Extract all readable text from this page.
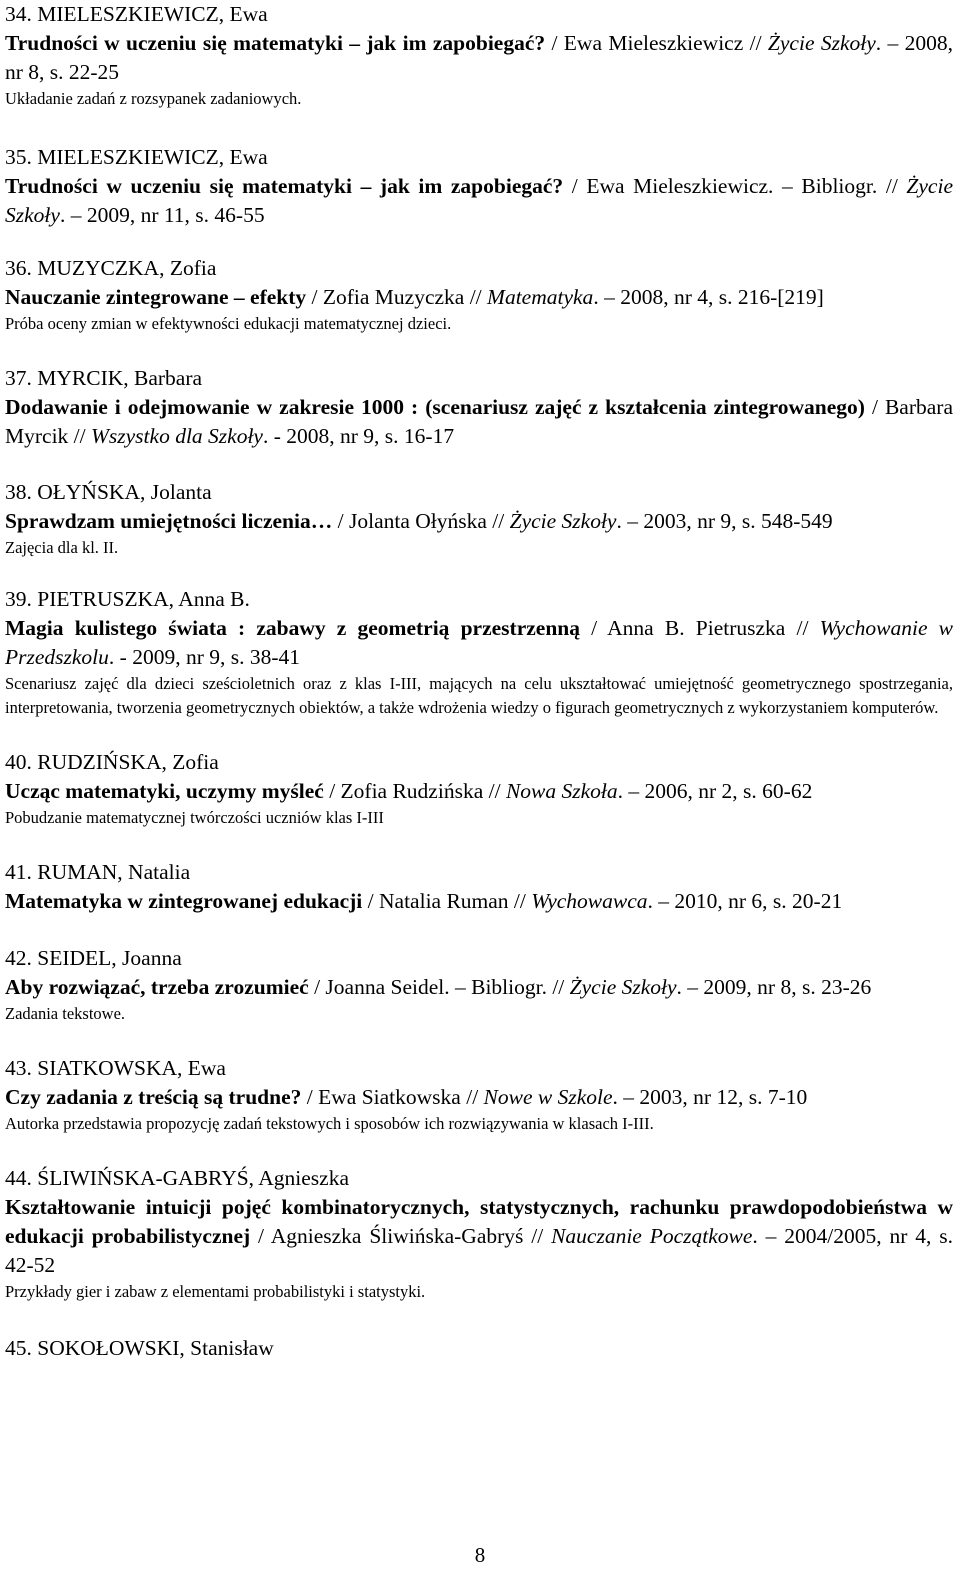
34. MIELESZKIEWICZ, Ewa
Trudności w uczeniu się matematyki – jak im zapobiegać? / Ewa Mieleszkiewicz // Życie Szkoły. – 2008, nr 8, s. 22-25
Układanie zadań z rozsypanek zadaniowych.
35. MIELESZKIEWICZ, Ewa
Trudności w uczeniu się matematyki – jak im zapobiegać? / Ewa Mieleszkiewicz. – Bibliogr. // Życie Szkoły. – 2009, nr 11, s. 46-55
36. MUZYCZKA, Zofia
Nauczanie zintegrowane – efekty / Zofia Muzyczka // Matematyka. – 2008, nr 4, s. 216-[219]
Próba oceny zmian w efektywności edukacji matematycznej dzieci.
37. MYRCIK, Barbara
Dodawanie i odejmowanie w zakresie 1000 : (scenariusz zajęć z kształcenia zintegrowanego) / Barbara Myrcik // Wszystko dla Szkoły. - 2008, nr 9, s. 16-17
38. OŁYŃSKA, Jolanta
Sprawdzam umiejętności liczenia… / Jolanta Ołyńska // Życie Szkoły. – 2003, nr 9, s. 548-549
Zajęcia dla kl. II.
39. PIETRUSZKA, Anna B.
Magia kulistego świata : zabawy z geometrią przestrzenną / Anna B. Pietruszka // Wychowanie w Przedszkolu. - 2009, nr 9, s. 38-41
Scenariusz zajęć dla dzieci sześcioletnich oraz z klas I-III, mających na celu ukształtować umiejętność geometrycznego spostrzegania, interpretowania, tworzenia geometrycznych obiektów, a także wdrożenia wiedzy o figurach geometrycznych z wykorzystaniem komputerów.
40. RUDZIŃSKA, Zofia
Ucząc matematyki, uczymy myśleć / Zofia Rudzińska // Nowa Szkoła. – 2006, nr 2, s. 60-62
Pobudzanie matematycznej twórczości uczniów klas I-III
41. RUMAN, Natalia
Matematyka w zintegrowanej edukacji / Natalia Ruman // Wychowawca. – 2010, nr 6, s. 20-21
42. SEIDEL, Joanna
Aby rozwiązać, trzeba zrozumieć / Joanna Seidel. – Bibliogr. // Życie Szkoły. – 2009, nr 8, s. 23-26
Zadania tekstowe.
43. SIATKOWSKA, Ewa
Czy zadania z treścią są trudne? / Ewa Siatkowska // Nowe w Szkole. – 2003, nr 12, s. 7-10
Autorka przedstawia propozycję zadań tekstowych i sposobów ich rozwiązywania w klasach I-III.
44. ŚLIWIŃSKA-GABRYŚ, Agnieszka
Kształtowanie intuicji pojęć kombinatorycznych, statystycznych, rachunku prawdopodobieństwa w edukacji probabilistycznej / Agnieszka Śliwińska-Gabryś // Nauczanie Początkowe. – 2004/2005, nr 4, s. 42-52
Przykłady gier i zabaw z elementami probabilistyki i statystyki.
45. SOKOŁOWSKI, Stanisław
8
